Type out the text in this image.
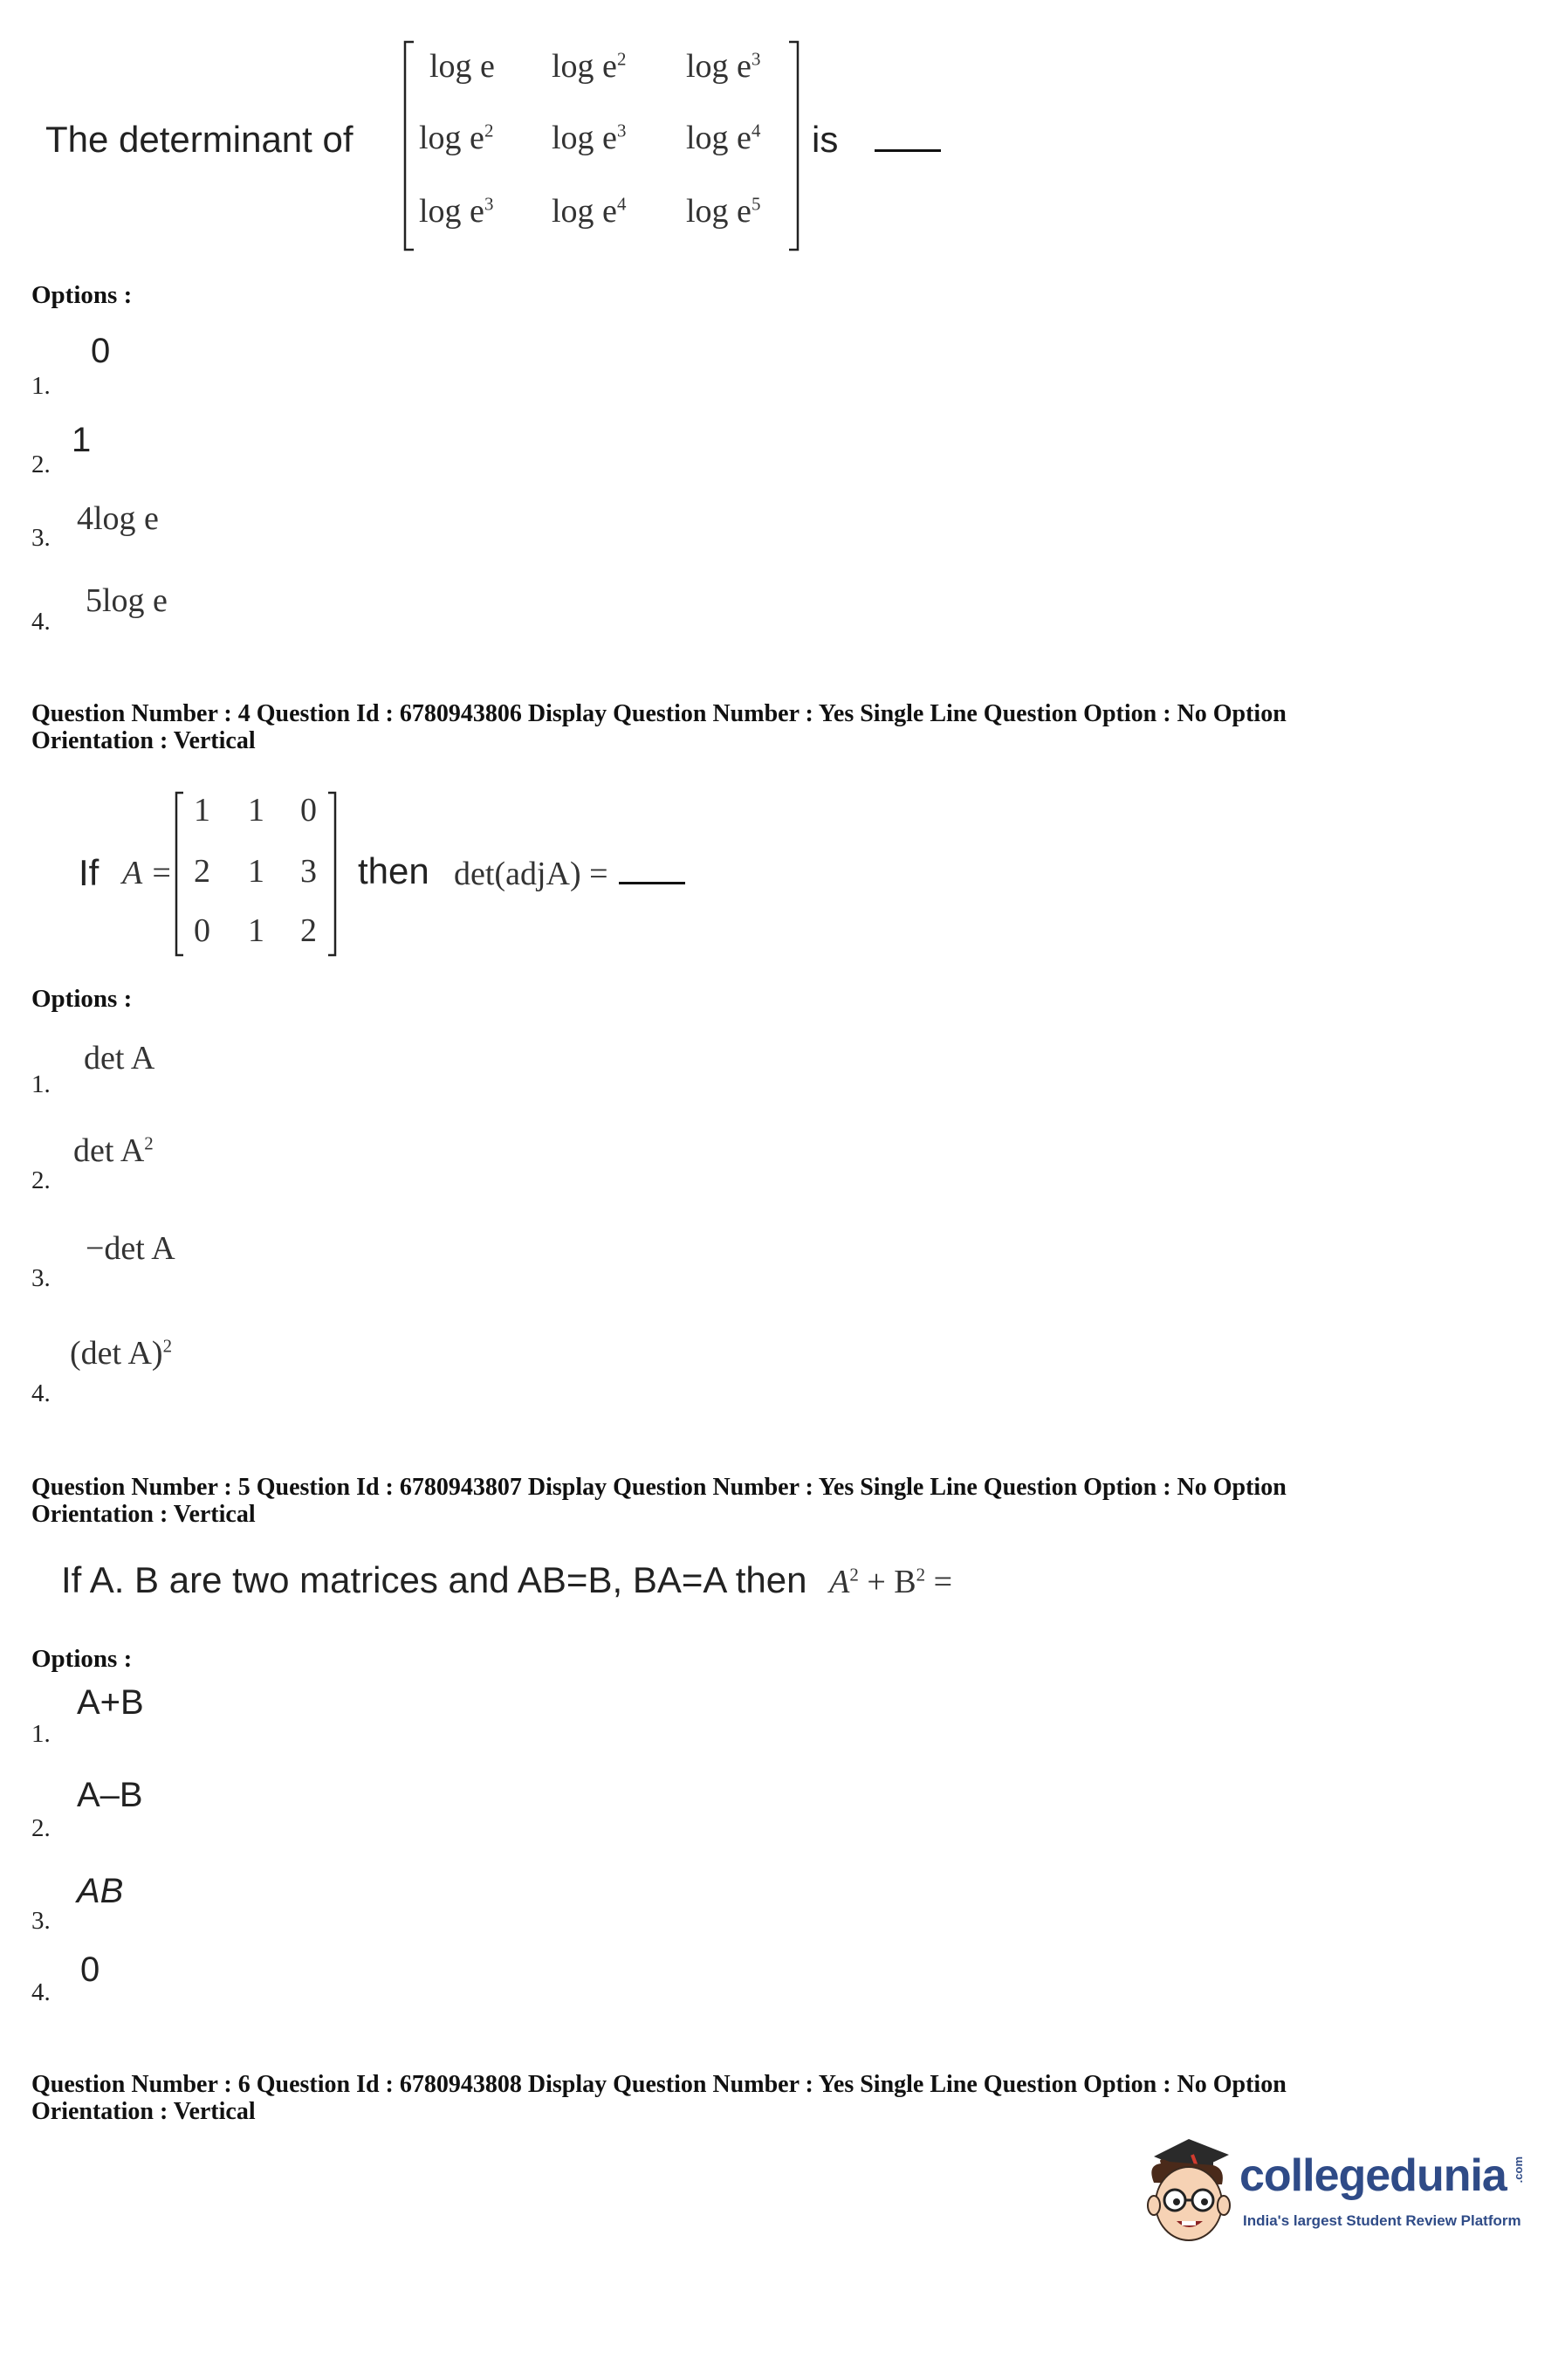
The determinant of
log e $\log e^2$ $\log e^3$
$\log e^2$ $\log e^3$ $\log e^4$
$\log e^3$ $\log e^4$ $\log e^5$
is
Options :
1.
0
2.
1
3.
4log e
4.
5log e
Question Number : 4 Question Id : 6780943806 Display Question Number : Yes Single Line Question Option : No Option
Orientation : Vertical
If A =
1 1 0
2 1 3
0 1 2
then det(adjA) =
Options :
1.
det A
2.
$\det A^2$
3.
−det A
4.
(det A)$^2$
Question Number : 5 Question Id : 6780943807 Display Question Number : Yes Single Line Question Option : No Option
Orientation : Vertical
If A. B are two matrices and AB=B, BA=A then $A^2 + B^2$ =
Options :
1.
A+B
2.
A–B
3.
AB
4.
0
Question Number : 6 Question Id : 6780943808 Display Question Number : Yes Single Line Question Option : No Option
Orientation : Vertical
collegedunia .com
India's largest Student Review Platform
